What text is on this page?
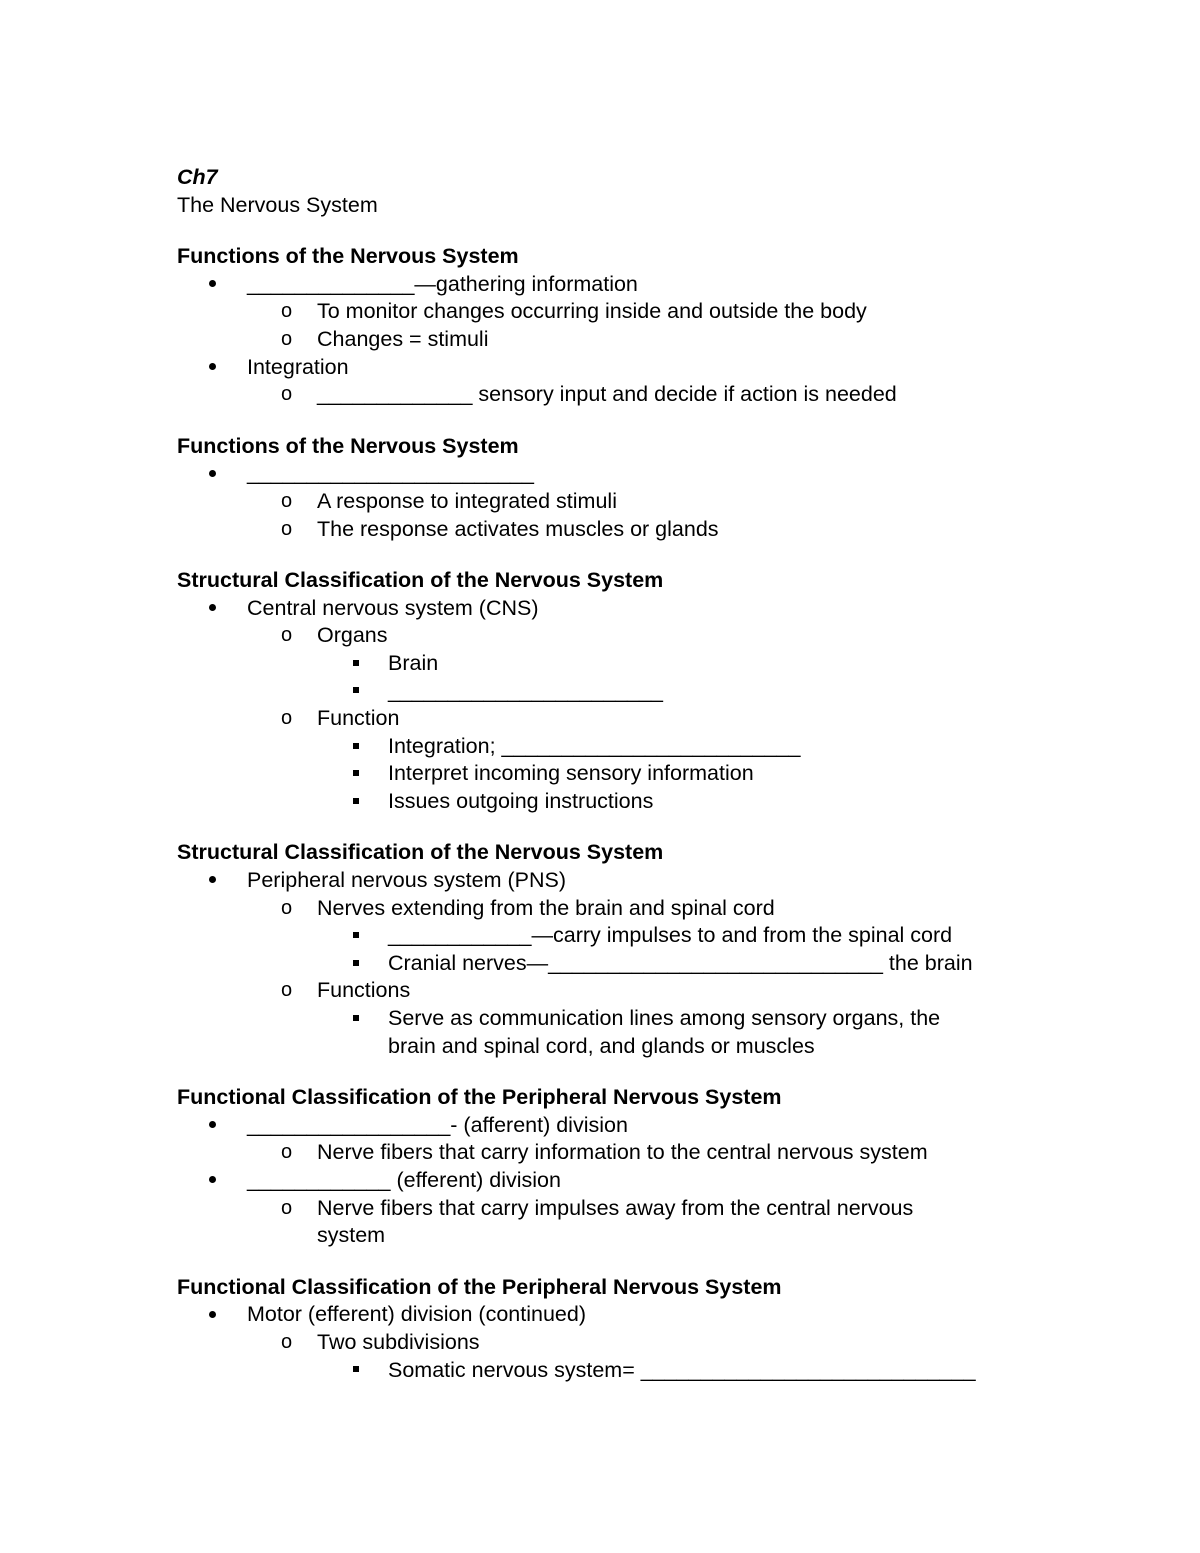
Ch7
The Nervous System
Functions of the Nervous System
______________—gathering information
o To monitor changes occurring inside and outside the body
o Changes = stimuli
Integration
o _____________ sensory input and decide if action is needed
Functions of the Nervous System
________________________
o A response to integrated stimuli
o The response activates muscles or glands
Structural Classification of the Nervous System
Central nervous system (CNS)
o Organs
Brain
_______________________
o Function
Integration; _________________________
Interpret incoming sensory information
Issues outgoing instructions
Structural Classification of the Nervous System
Peripheral nervous system (PNS)
o Nerves extending from the brain and spinal cord
____________—carry impulses to and from the spinal cord
Cranial nerves—____________________________ the brain
o Functions
Serve as communication lines among sensory organs, the
brain and spinal cord, and glands or muscles
Functional Classification of the Peripheral Nervous System
_________________- (afferent) division
o Nerve fibers that carry information to the central nervous system
____________ (efferent) division
o Nerve fibers that carry impulses away from the central nervous
system
Functional Classification of the Peripheral Nervous System
Motor (efferent) division (continued)
o Two subdivisions
Somatic nervous system= ____________________________
